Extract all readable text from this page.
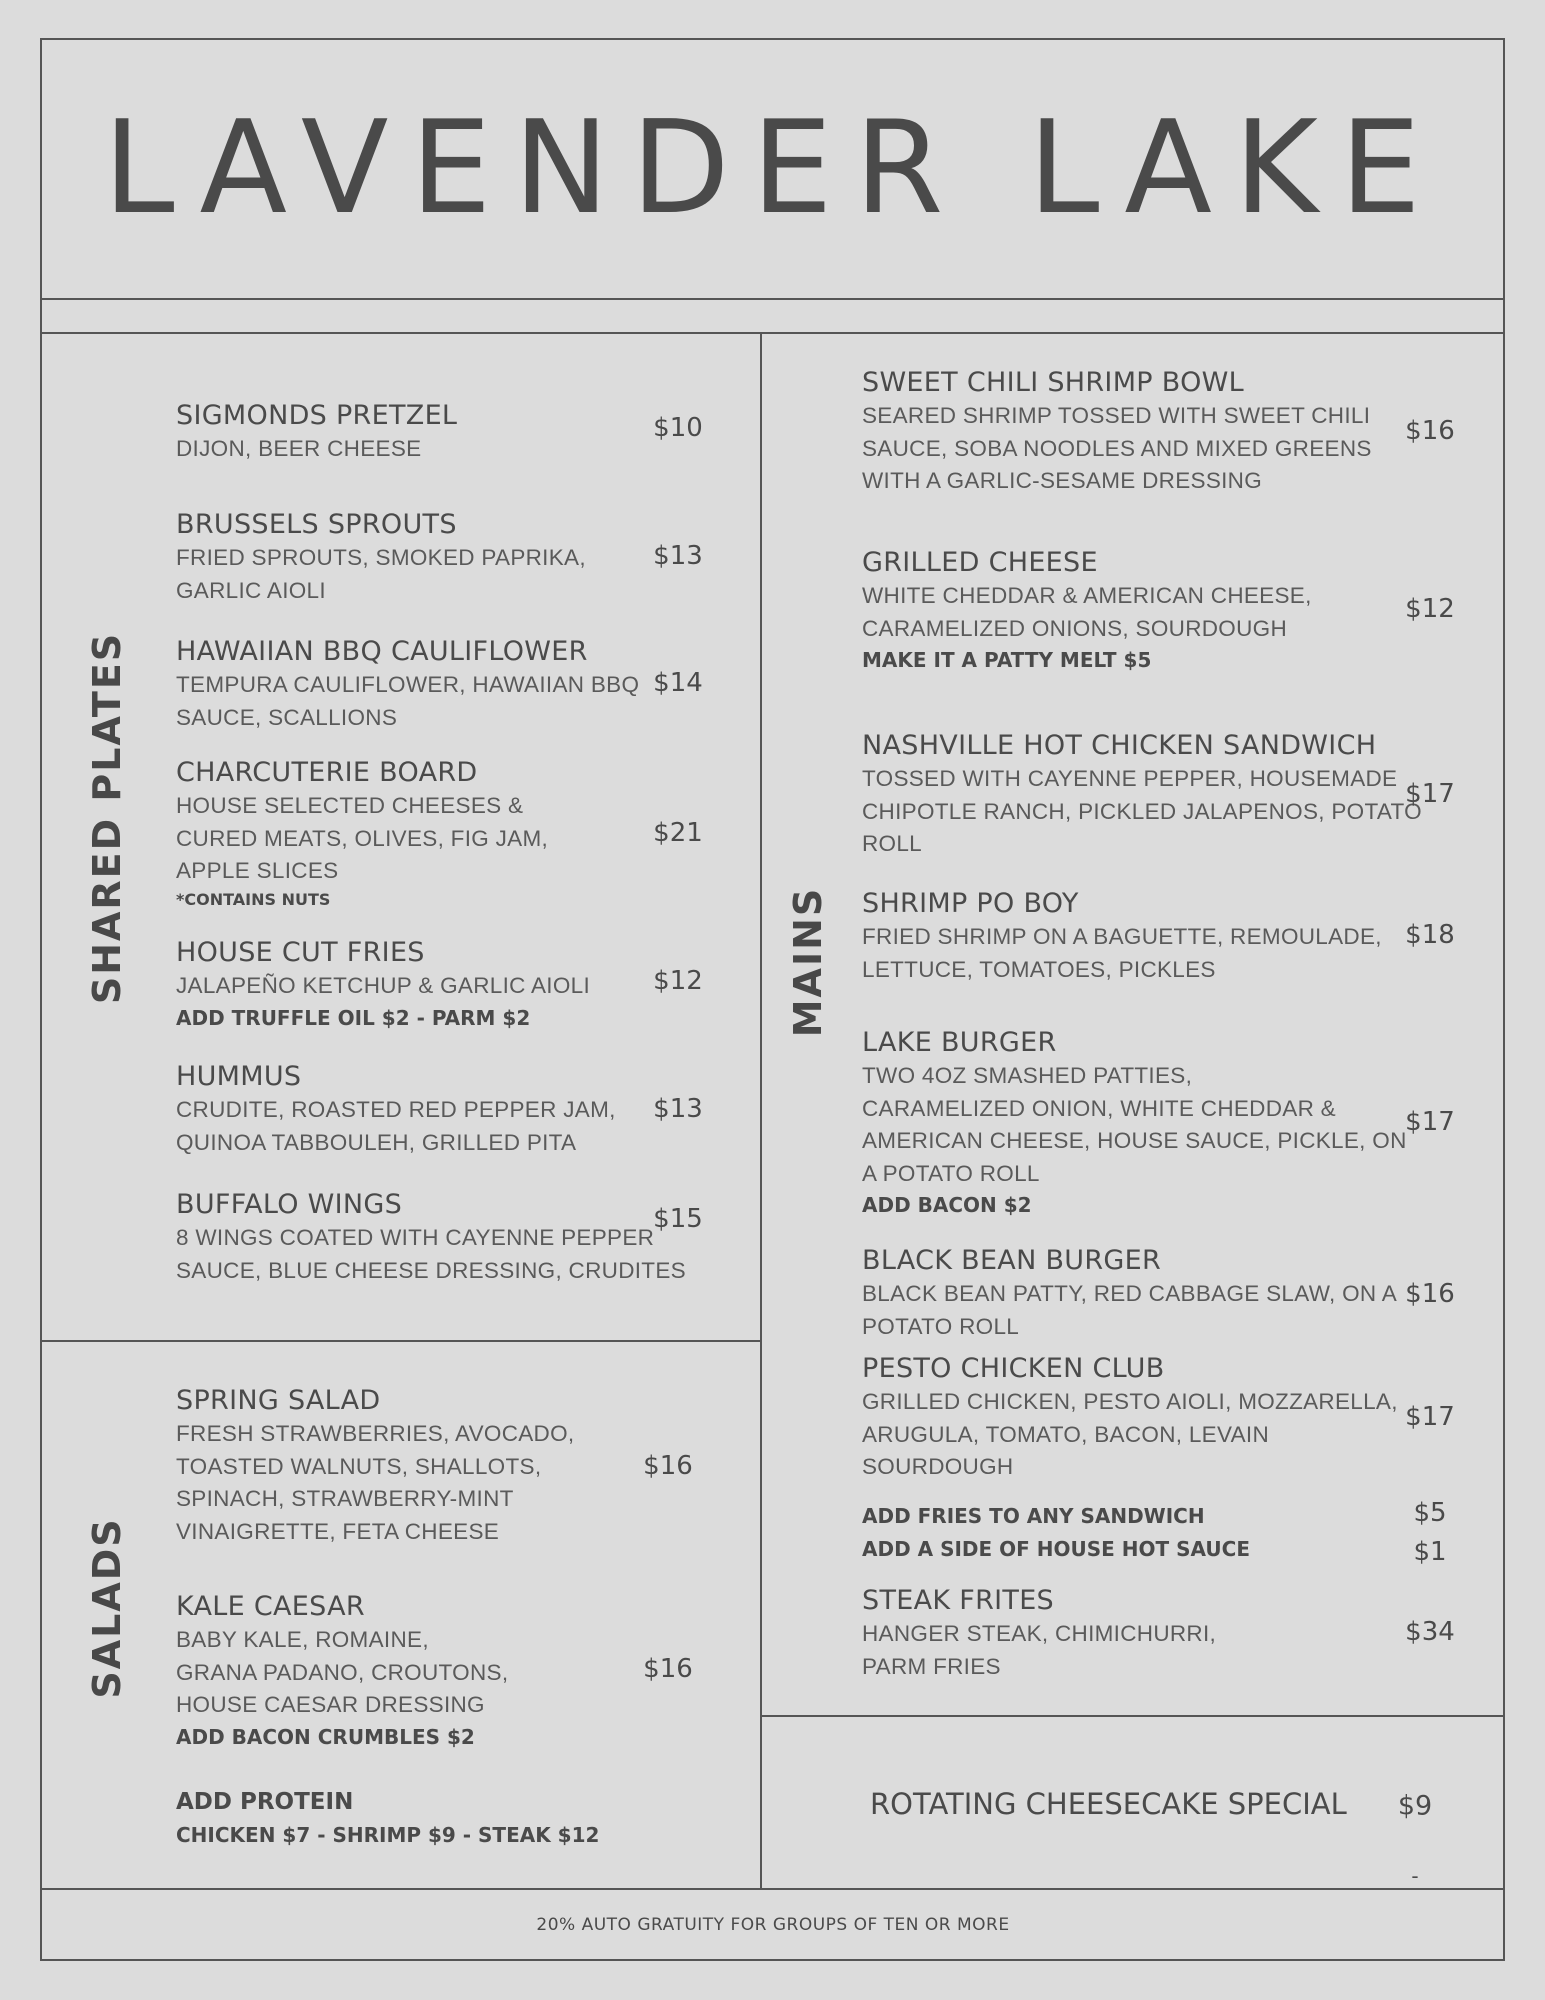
LAVENDER LAKE
SHARED PLATES
SALADS
MAINS
SIGMONDS PRETZEL
DIJON, BEER CHEESE
$10
BRUSSELS SPROUTS
FRIED SPROUTS, SMOKED PAPRIKA,
GARLIC AIOLI
$13
HAWAIIAN BBQ CAULIFLOWER
TEMPURA CAULIFLOWER, HAWAIIAN BBQ
SAUCE, SCALLIONS
$14
CHARCUTERIE BOARD
HOUSE SELECTED CHEESES &
CURED MEATS, OLIVES, FIG JAM,
APPLE SLICES
*CONTAINS NUTS
$21
HOUSE CUT FRIES
JALAPEÑO KETCHUP & GARLIC AIOLI
ADD TRUFFLE OIL $2 - PARM $2
$12
HUMMUS
CRUDITE, ROASTED RED PEPPER JAM,
QUINOA TABBOULEH, GRILLED PITA
$13
BUFFALO WINGS
8 WINGS COATED WITH CAYENNE PEPPER
SAUCE, BLUE CHEESE DRESSING, CRUDITES
$15
SPRING SALAD
FRESH STRAWBERRIES, AVOCADO,
TOASTED WALNUTS, SHALLOTS,
SPINACH, STRAWBERRY-MINT
VINAIGRETTE, FETA CHEESE
$16
KALE CAESAR
BABY KALE, ROMAINE,
GRANA PADANO, CROUTONS,
HOUSE CAESAR DRESSING
ADD BACON CRUMBLES $2
$16
ADD PROTEIN
CHICKEN $7 - SHRIMP $9 - STEAK $12
SWEET CHILI SHRIMP BOWL
SEARED SHRIMP TOSSED WITH SWEET CHILI
SAUCE, SOBA NOODLES AND MIXED GREENS
WITH A GARLIC-SESAME DRESSING
$16
GRILLED CHEESE
WHITE CHEDDAR & AMERICAN CHEESE,
CARAMELIZED ONIONS, SOURDOUGH
MAKE IT A PATTY MELT $5
$12
NASHVILLE HOT CHICKEN SANDWICH
TOSSED WITH CAYENNE PEPPER, HOUSEMADE
CHIPOTLE RANCH, PICKLED JALAPENOS, POTATO
ROLL
$17
SHRIMP PO BOY
FRIED SHRIMP ON A BAGUETTE, REMOULADE,
LETTUCE, TOMATOES, PICKLES
$18
LAKE BURGER
TWO 4OZ SMASHED PATTIES,
CARAMELIZED ONION, WHITE CHEDDAR &
AMERICAN CHEESE, HOUSE SAUCE, PICKLE, ON
A POTATO ROLL
ADD BACON $2
$17
BLACK BEAN BURGER
BLACK BEAN PATTY, RED CABBAGE SLAW, ON A
POTATO ROLL
$16
PESTO CHICKEN CLUB
GRILLED CHICKEN, PESTO AIOLI, MOZZARELLA,
ARUGULA, TOMATO, BACON, LEVAIN
SOURDOUGH
$17
ADD FRIES TO ANY SANDWICH	$5
ADD A SIDE OF HOUSE HOT SAUCE	$1
STEAK FRITES
HANGER STEAK, CHIMICHURRI,
PARM FRIES
$34
ROTATING CHEESECAKE SPECIAL $9
-
20% AUTO GRATUITY FOR GROUPS OF TEN OR MORE
